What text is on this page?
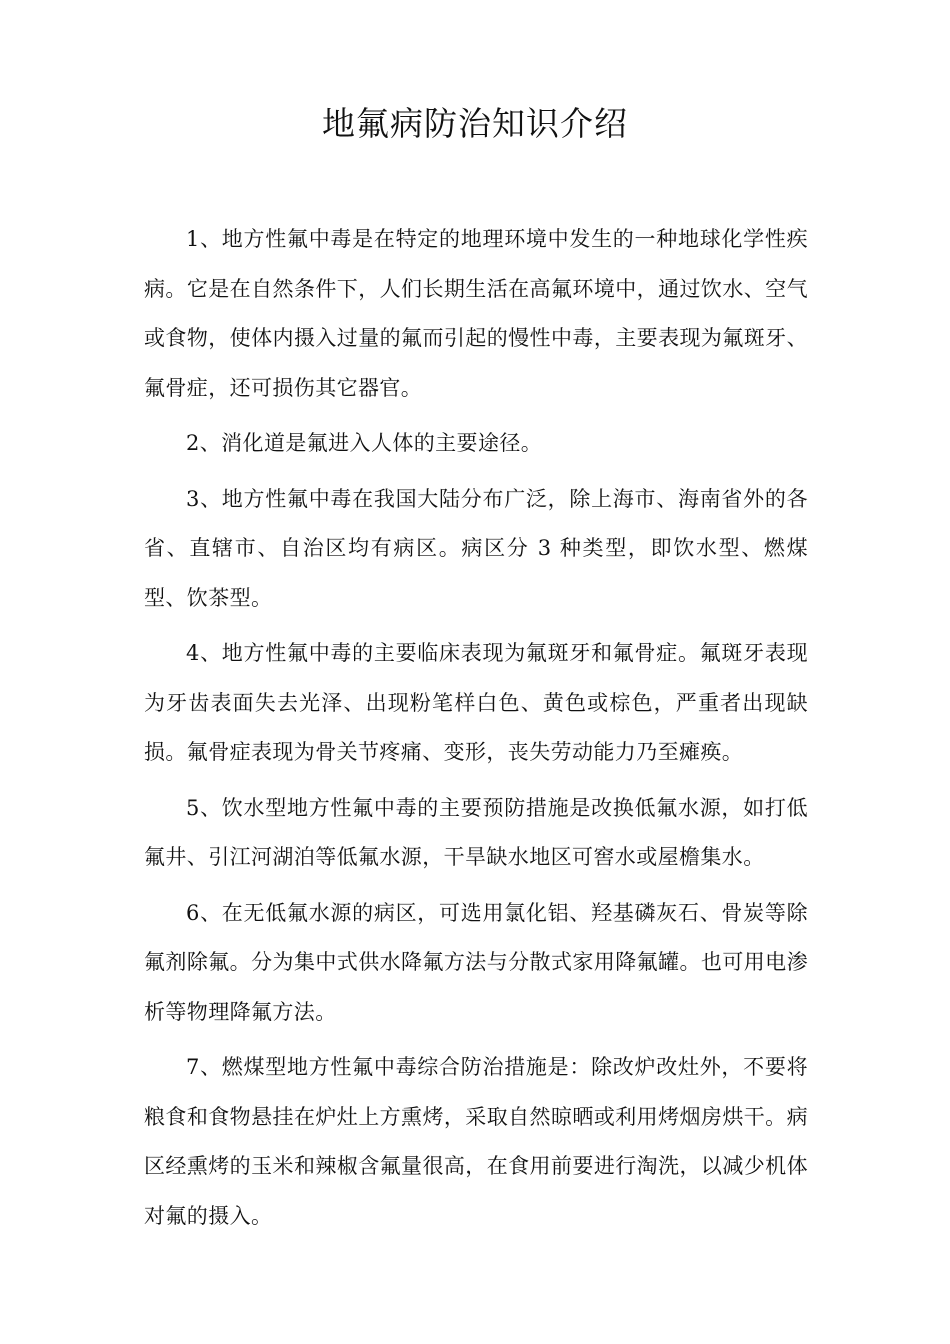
地氟病防治知识介绍

1、地方性氟中毒是在特定的地理环境中发生的一种地球化学性疾病。它是在自然条件下，人们长期生活在高氟环境中，通过饮水、空气或食物，使体内摄入过量的氟而引起的慢性中毒，主要表现为氟斑牙、氟骨症，还可损伤其它器官。

2、消化道是氟进入人体的主要途径。

3、地方性氟中毒在我国大陆分布广泛，除上海市、海南省外的各省、直辖市、自治区均有病区。病区分 3 种类型，即饮水型、燃煤型、饮茶型。

4、地方性氟中毒的主要临床表现为氟斑牙和氟骨症。氟斑牙表现为牙齿表面失去光泽、出现粉笔样白色、黄色或棕色，严重者出现缺损。氟骨症表现为骨关节疼痛、变形，丧失劳动能力乃至瘫痪。

5、饮水型地方性氟中毒的主要预防措施是改换低氟水源，如打低氟井、引江河湖泊等低氟水源，干旱缺水地区可窖水或屋檐集水。

6、在无低氟水源的病区，可选用氯化铝、羟基磷灰石、骨炭等除氟剂除氟。分为集中式供水降氟方法与分散式家用降氟罐。也可用电渗析等物理降氟方法。

7、燃煤型地方性氟中毒综合防治措施是：除改炉改灶外，不要将粮食和食物悬挂在炉灶上方熏烤，采取自然晾晒或利用烤烟房烘干。病区经熏烤的玉米和辣椒含氟量很高，在食用前要进行淘洗，以减少机体对氟的摄入。
